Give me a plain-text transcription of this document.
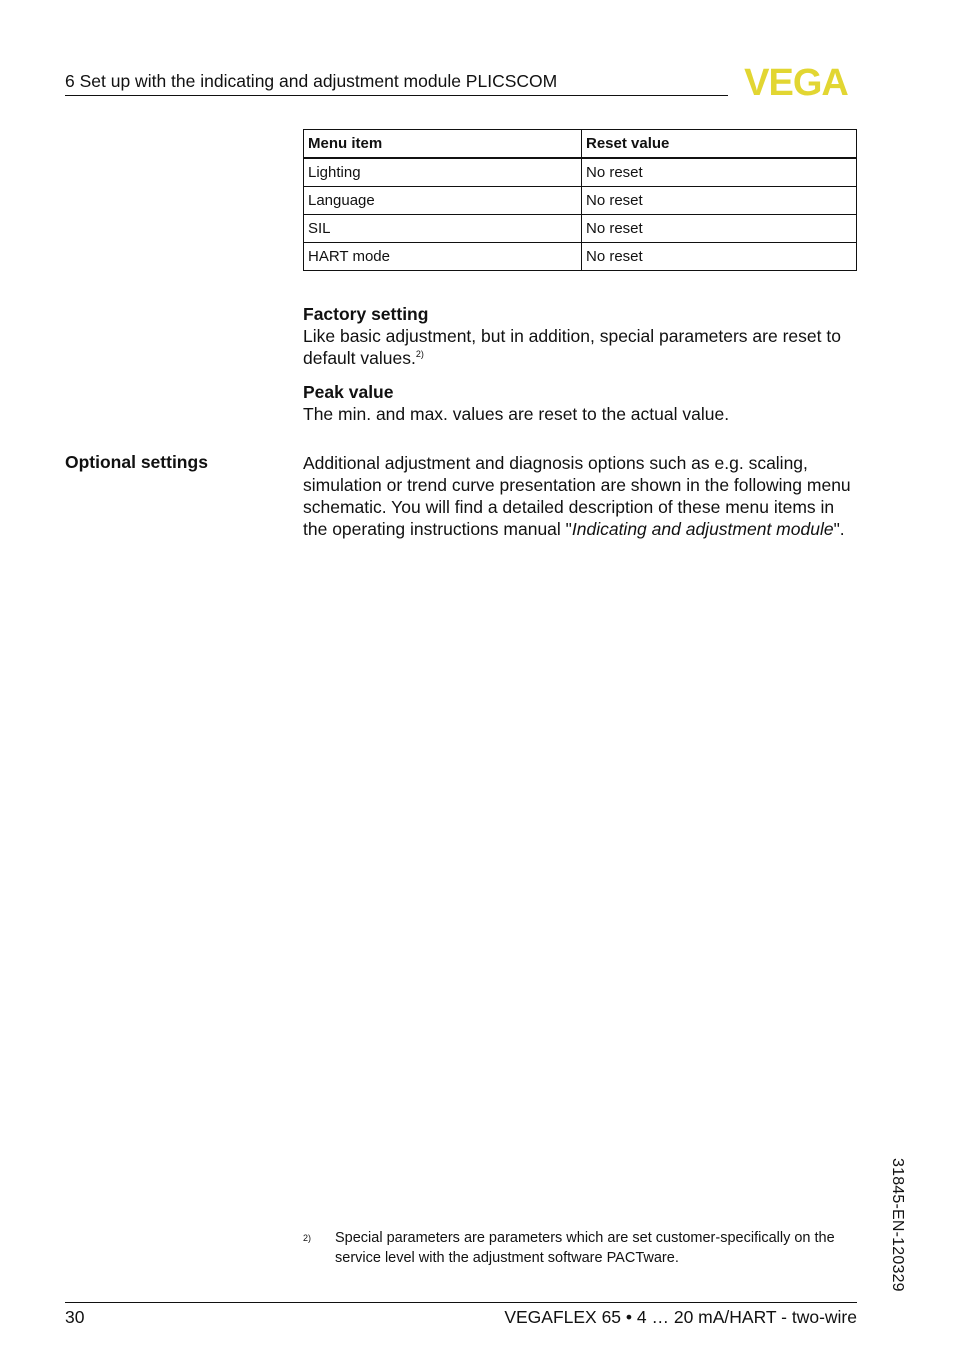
6 Set up with the indicating and adjustment module PLICSCOM	VEGA
Menu item	Reset value
Lighting	No reset
Language	No reset
SIL	No reset
HART mode	No reset
Factory setting

Like basic adjustment, but in addition, special parameters are reset to default values.$^{2)}$

Peak value

The min. and max. values are reset to the actual value.

Optional settings	Additional adjustment and diagnosis options such as e.g. scaling, simulation or trend curve presentation are shown in the following menu schematic. You will find a detailed description of these menu items in the operating instructions manual "Indicating and adjustment module".

31845-EN-120329
2) Special parameters are parameters which are set customer-specifically on the service level with the adjustment software PACTware.
30	VEGAFLEX 65 • 4 … 20 mA/HART - two-wire
